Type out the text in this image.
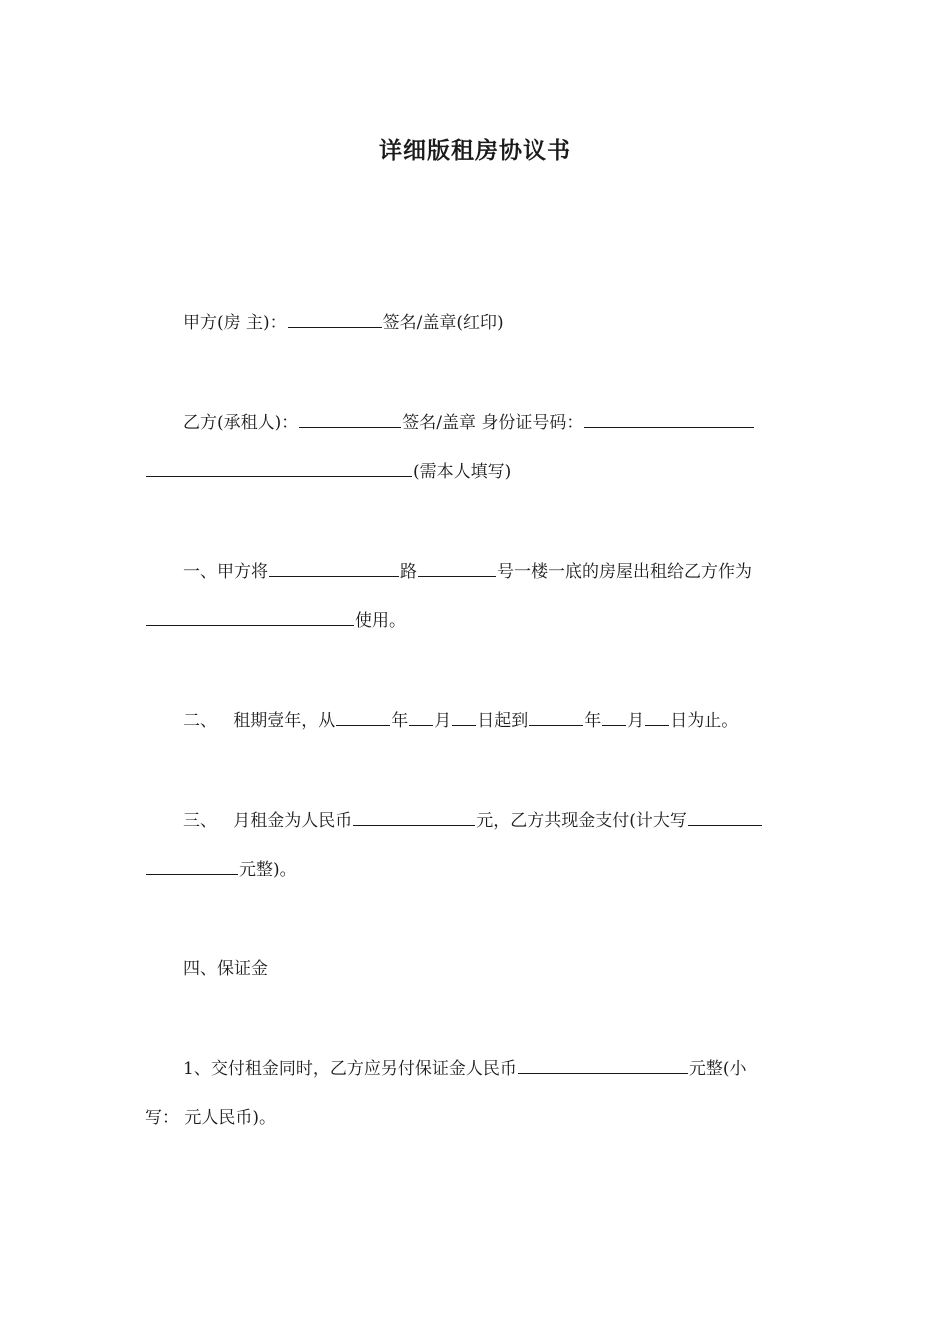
详细版租房协议书
甲方(房 主)：	签名/盖章(红印)
乙方(承租人)：	签名/盖章 身份证号码：
(需本人填写)
一、甲方将	路	号一楼一底的房屋出租给乙方作为
使用。
二、   租期壹年，从	年 月 日起到	年 月 日为止。
三、   月租金为人民币	元，乙方共现金支付(计大写
元整)。
四、保证金
1、交付租金同时，乙方应另付保证金人民币	元整(小
写： 元人民币)。
